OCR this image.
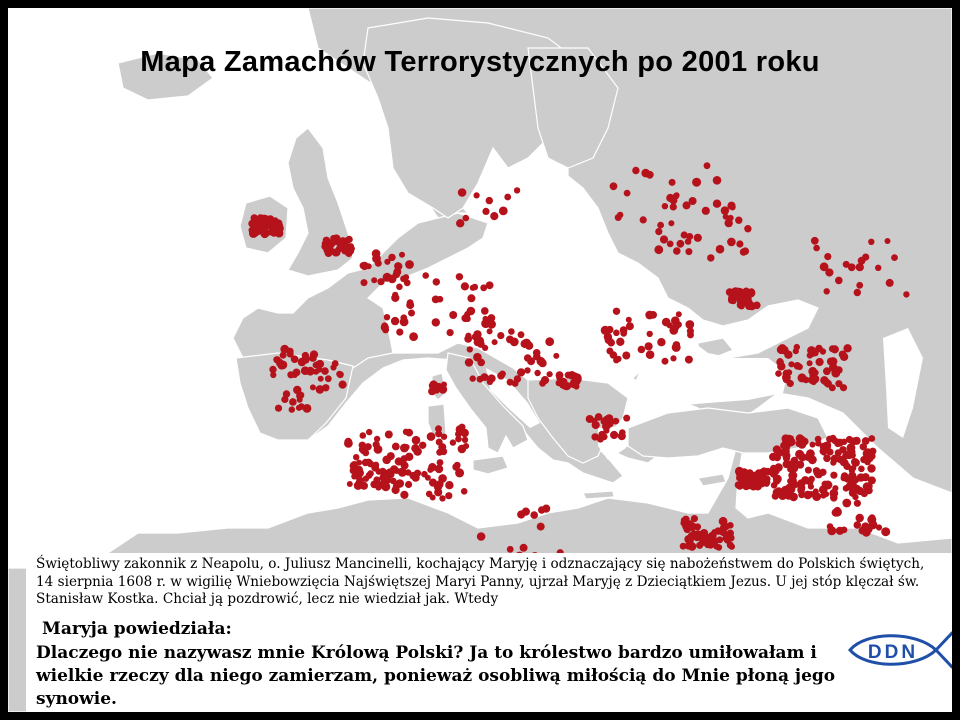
Mapa Zamachów Terrorystycznych po 2001 roku
Świętobliwy zakonnik z Neapolu, o. Juliusz Mancinelli, kochający Maryję i odznaczający się nabożeństwem do Polskich świętych, 14 sierpnia 1608 r. w wigilię Wniebowzięcia Najświętszej Maryi Panny, ujrzał Maryję z Dzieciątkiem Jezus. U jej stóp klęczał św. Stanisław Kostka. Chciał ją pozdrowić, lecz nie wiedział jak. Wtedy
Maryja powiedziała:
Dlaczego nie nazywasz mnie Królową Polski? Ja to królestwo bardzo umiłowałam i wielkie rzeczy dla niego zamierzam, ponieważ osobliwą miłością do Mnie płoną jego synowie.
DDN
